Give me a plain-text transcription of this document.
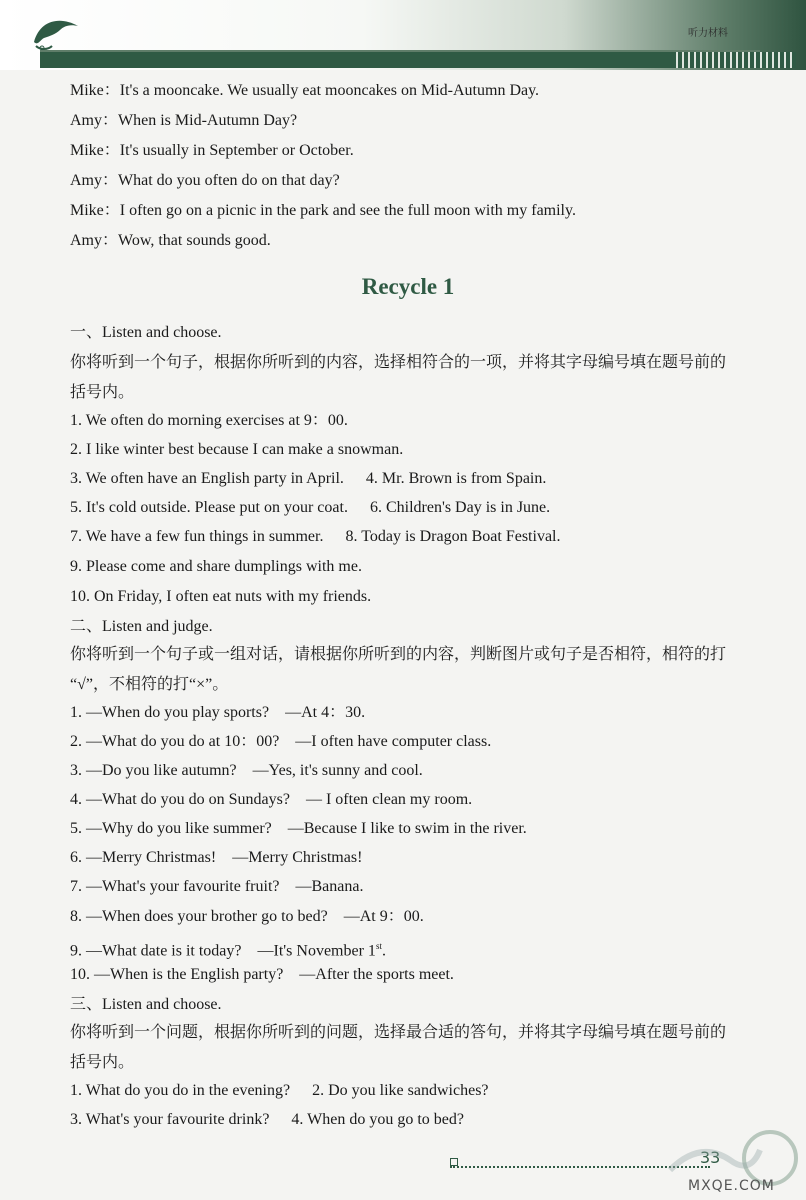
听力材料
Mike：It's a mooncake. We usually eat mooncakes on Mid-Autumn Day.
Amy：When is Mid-Autumn Day?
Mike：It's usually in September or October.
Amy：What do you often do on that day?
Mike：I often go on a picnic in the park and see the full moon with my family.
Amy：Wow, that sounds good.
Recycle 1
一、Listen and choose.
你将听到一个句子，根据你所听到的内容，选择相符合的一项，并将其字母编号填在题号前的
括号内。
1. We often do morning exercises at 9：00.
2. I like winter best because I can make a snowman.
3. We often have an English party in April. 4. Mr. Brown is from Spain.
5. It's cold outside. Please put on your coat. 6. Children's Day is in June.
7. We have a few fun things in summer. 8. Today is Dragon Boat Festival.
9. Please come and share dumplings with me.
10. On Friday, I often eat nuts with my friends.
二、Listen and judge.
你将听到一个句子或一组对话，请根据你所听到的内容，判断图片或句子是否相符，相符的打
“√”，不相符的打“×”。
1. —When do you play sports?　—At 4：30.
2. —What do you do at 10：00?　—I often have computer class.
3. —Do you like autumn?　—Yes, it's sunny and cool.
4. —What do you do on Sundays?　— I often clean my room.
5. —Why do you like summer?　—Because I like to swim in the river.
6. —Merry Christmas!　—Merry Christmas!
7. —What's your favourite fruit?　—Banana.
8. —When does your brother go to bed?　—At 9：00.
9. —What date is it today?　—It's November 1st.
10. —When is the English party?　—After the sports meet.
三、Listen and choose.
你将听到一个问题，根据你所听到的问题，选择最合适的答句，并将其字母编号填在题号前的
括号内。
1. What do you do in the evening? 2. Do you like sandwiches?
3. What's your favourite drink? 4. When do you go to bed?
33
MXQE.COM
